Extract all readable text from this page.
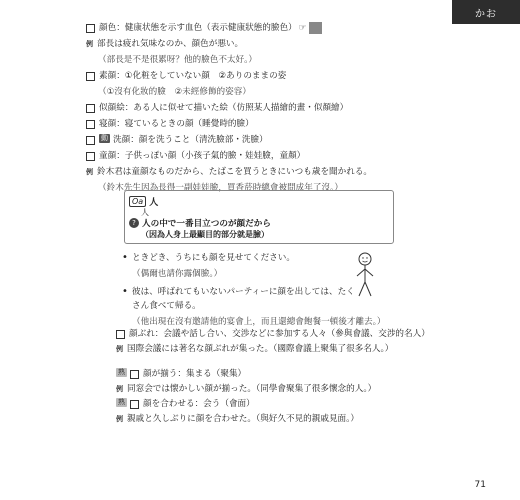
かお
顔色：健康状態を示す血色（表示健康狀態的臉色） ☞

例 部長は疲れ気味なのか、顔色が悪い。
（部長是不是很累呀？他的臉色不太好。）
素顔：①化粧をしていない顔　②ありのままの姿
（①沒有化妝的臉　②未經修飾的姿容）
似顔絵：ある人に似せて描いた絵（仿照某人描繪的畫・似顏繪）
寝顔：寝ているときの顔（睡覺時的臉）
動 洗顔：顔を洗うこと（清洗臉部・洗臉）
童顔：子供っぽい顔（小孩子氣的臉・娃娃臉，童顏）
例 鈴木君は童顔なものだから、たばこを買うときにいつも歳を聞かれる。
（鈴木先生因為長得一副娃娃臉，買香菸時總會被問成年了沒。）
Oa 人
人
? 人の中で一番目立つのが顔だから
（因為人身上最顯目的部分就是臉）
• ときどき、うちにも顔を見せてください。
（偶爾也請你露個臉。）
• 彼は、呼ばれてもいないパーティーに顔を出しては、たく
さん食べて帰る。
（他出現在沒有邀請他的宴會上，而且還總會飽餐一頓後才離去。）
顔ぶれ：会議や話し合い、交渉などに参加する人々（參與會議、交涉的名人）
例 国際会議には著名な顔ぶれが集った。（國際會議上聚集了很多名人。）
熟 顔が揃う：集まる（聚集）
例 同窓会では懐かしい顔が揃った。（同學會聚集了很多懷念的人。）
熟 顔を合わせる：会う（會面）
例 親戚と久しぶりに顔を合わせた。（與好久不見的親戚見面。）
71
